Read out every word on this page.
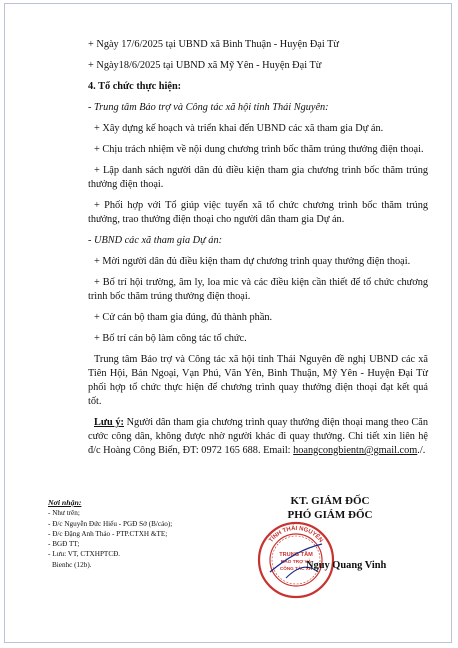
+ Ngày 17/6/2025 tại UBND xã Bình Thuận - Huyện Đại Từ

+ Ngày18/6/2025 tại UBND xã Mỹ Yên - Huyện Đại Từ

4. Tổ chức thực hiện:

- Trung tâm Bảo trợ và Công tác xã hội tỉnh Thái Nguyên:

+ Xây dựng kế hoạch và triển khai đến UBND các xã tham gia Dự án.

+ Chịu trách nhiệm về nội dung chương trình bốc thăm trúng thưởng điện thoại.

+ Lập danh sách người dân đủ điều kiện tham gia chương trình bốc thăm trúng thưởng điện thoại.

+ Phối hợp với Tổ giúp việc tuyển xã tổ chức chương trình bốc thăm trúng thưởng, trao thưởng điện thoại cho người dân tham gia Dự án.

- UBND các xã tham gia Dự án:

+ Mời người dân đủ điều kiện tham dự chương trình quay thưởng điện thoại.

+ Bố trí hội trường, âm ly, loa mic và các điều kiện cần thiết để tổ chức chương trình bốc thăm trúng thưởng điện thoại.

+ Cử cán bộ tham gia đúng, đủ thành phần.

+ Bố trí cán bộ làm công tác tổ chức.

Trung tâm Bảo trợ và Công tác xã hội tỉnh Thái Nguyên đề nghị UBND các xã Tiên Hội, Bản Ngoại, Vạn Phú, Văn Yên, Bình Thuận, Mỹ Yên - Huyện Đại Từ phối hợp tổ chức thực hiện để chương trình quay thưởng điện thoại đạt kết quả tốt.

Lưu ý: Người dân tham gia chương trình quay thưởng điện thoại mang theo Căn cước công dân, không được nhờ người khác đi quay thưởng. Chi tiết xin liên hệ đ/c Hoàng Công Biển, ĐT: 0972 165 688. Email: hoangcongbientn@gmail.com./.

Nơi nhận:

- Như trên;

- Đ/c Nguyễn Đức Hiếu - PGĐ Sở (B/cáo);

- Đ/c Đặng Anh Thảo - PTP.CTXH &TE;

- BGĐ TT;

- Lưu: VT, CTXHPTCĐ.

Bienhc (12b).

KT. GIÁM ĐỐC

PHÓ GIÁM ĐỐC

TRUNG TÂM
BẢO TRỢ VÀ
CÔNG TÁC XH
TỈNH THÁI NGUYÊN
Nguy Quang Vinh
